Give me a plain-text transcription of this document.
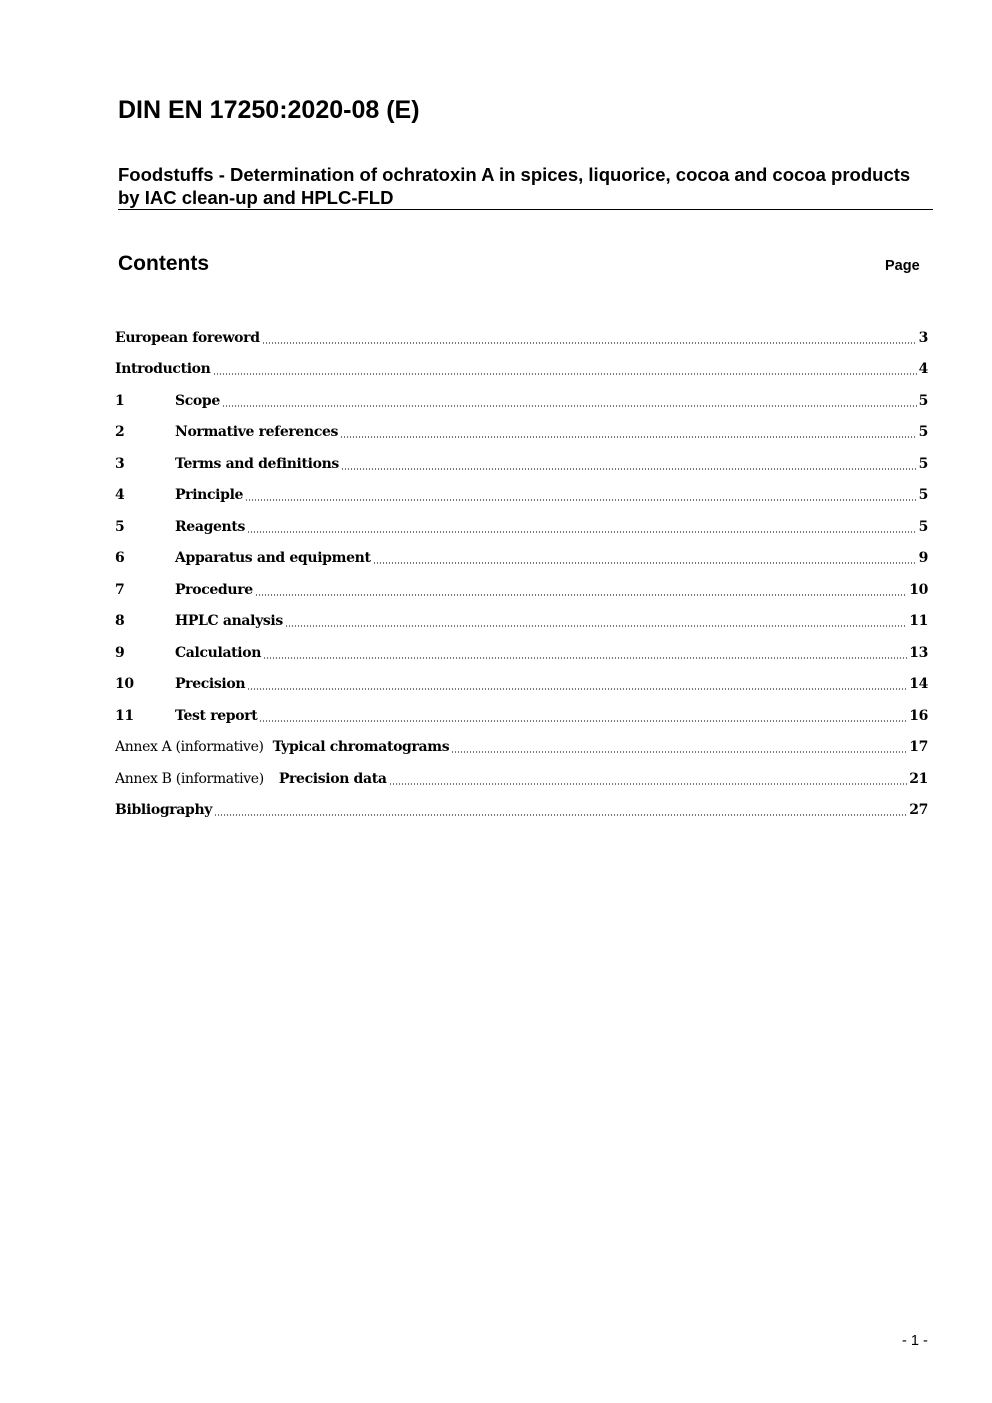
DIN EN 17250:2020-08 (E)
Foodstuffs - Determination of ochratoxin A in spices, liquorice, cocoa and cocoa products by IAC clean-up and HPLC-FLD
Contents	Page
European foreword	3
Introduction	4
1	Scope	5
2	Normative references	5
3	Terms and definitions	5
4	Principle	5
5	Reagents	5
6	Apparatus and equipment	9
7	Procedure	10
8	HPLC analysis	11
9	Calculation	13
10	Precision	14
11	Test report	16
Annex A (informative) Typical chromatograms	17
Annex B (informative) Precision data	21
Bibliography	27
- 1 -
